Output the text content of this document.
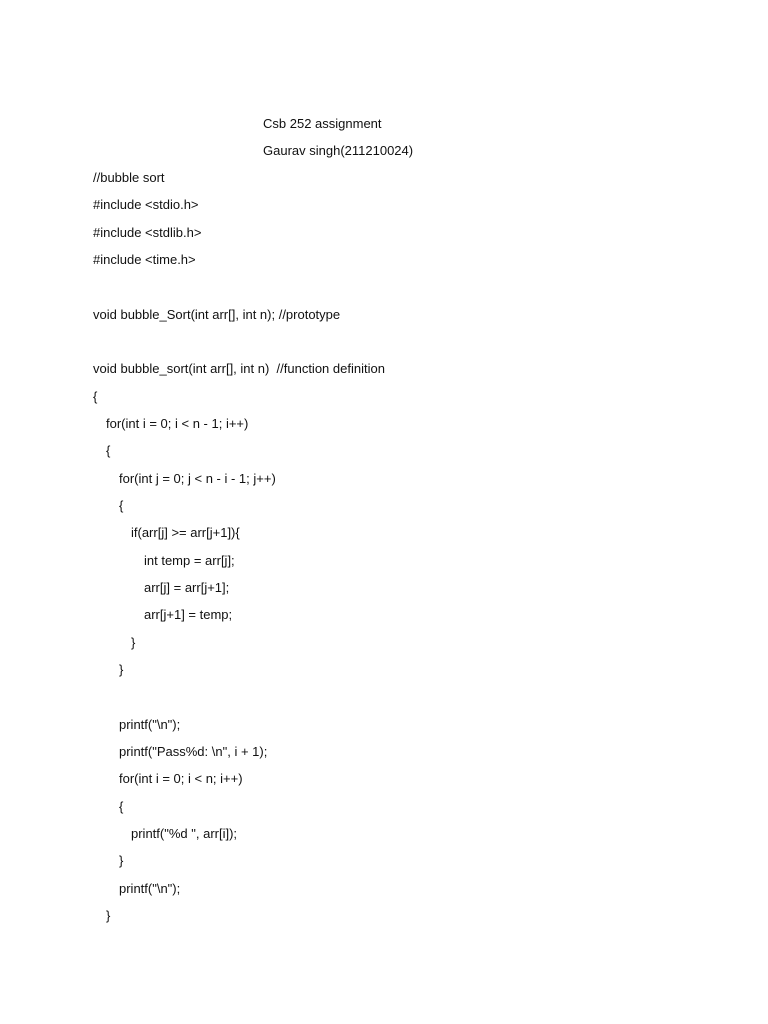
Csb 252 assignment
Gaurav singh(211210024)
//bubble sort
#include <stdio.h>
#include <stdlib.h>
#include <time.h>
void bubble_Sort(int arr[], int n); //prototype
void bubble_sort(int arr[], int n)  //function definition
{
for(int i = 0; i < n - 1; i++)
{
for(int j = 0; j < n - i - 1; j++)
{
if(arr[j] >= arr[j+1]){
int temp = arr[j];
arr[j] = arr[j+1];
arr[j+1] = temp;
}
}
printf("\n");
printf("Pass%d: \n", i + 1);
for(int i = 0; i < n; i++)
{
printf("%d ", arr[i]);
}
printf("\n");
}
